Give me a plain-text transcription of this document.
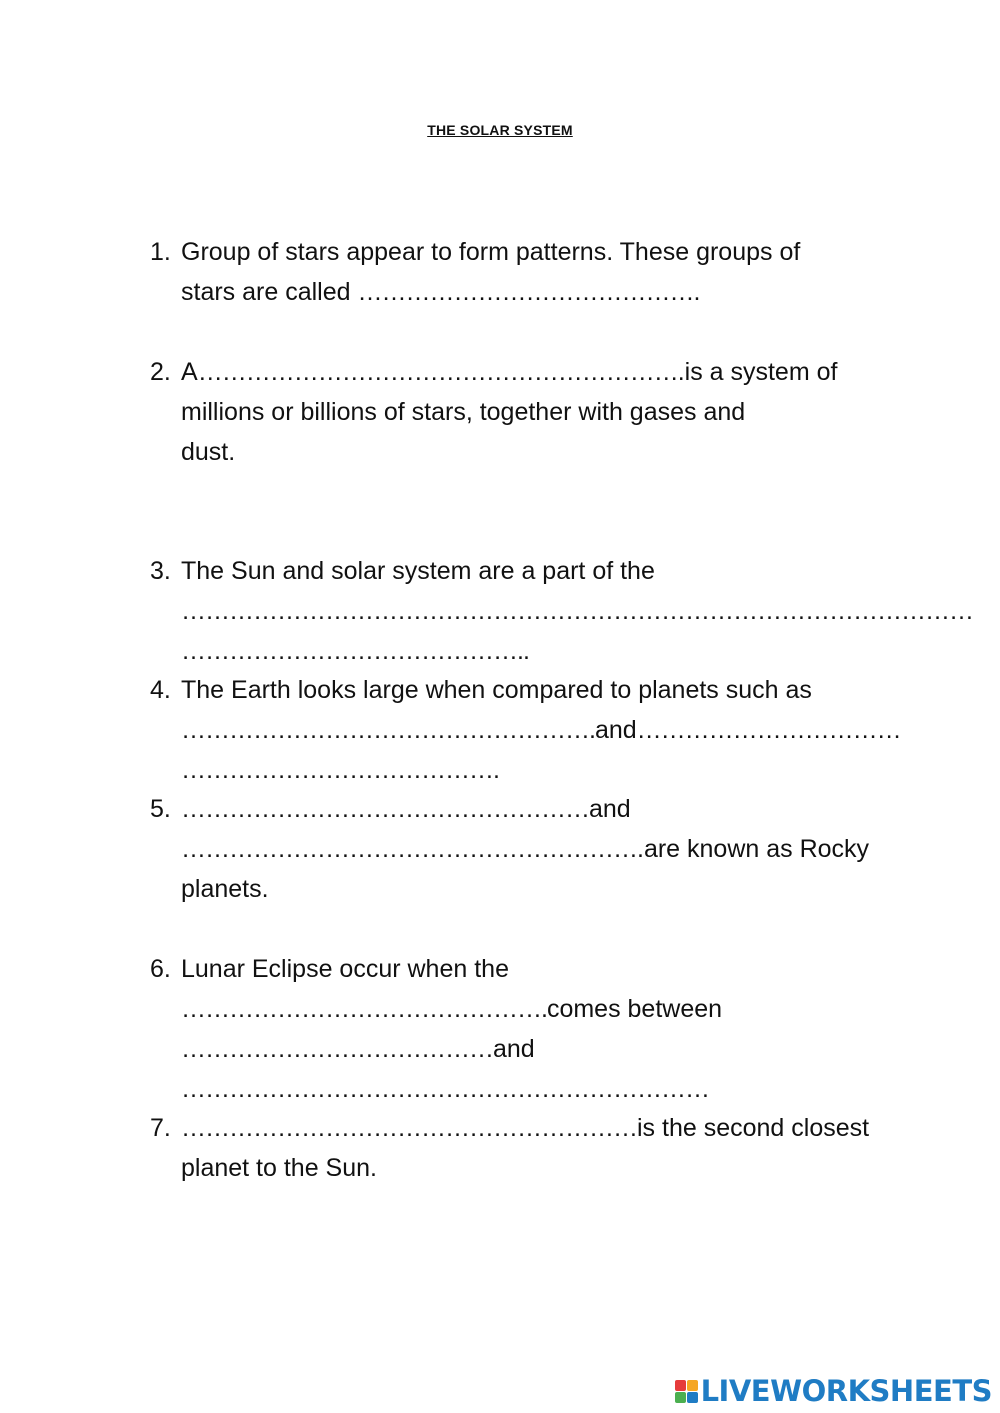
THE SOLAR SYSTEM
1. Group of stars appear to form patterns. These groups of
stars are called …………………………………….
2. A…………………………………………………….is a system of
millions or billions of stars, together with gases and
dust.
3. The Sun and solar system are a part of the
………………………………………………………………………………………
……………………………………..
4. The Earth looks large when compared to planets such as
…………………………………………….and……………………………
………………………………….
5. ……………………………………………and
………………………………………………….are known as Rocky
planets.
6. Lunar Eclipse occur when the
……………………………………….comes between
…………………………………and
…………………………………………………………
7. …………………………………………………is the second closest
planet to the Sun.
LIVEWORKSHEETS
